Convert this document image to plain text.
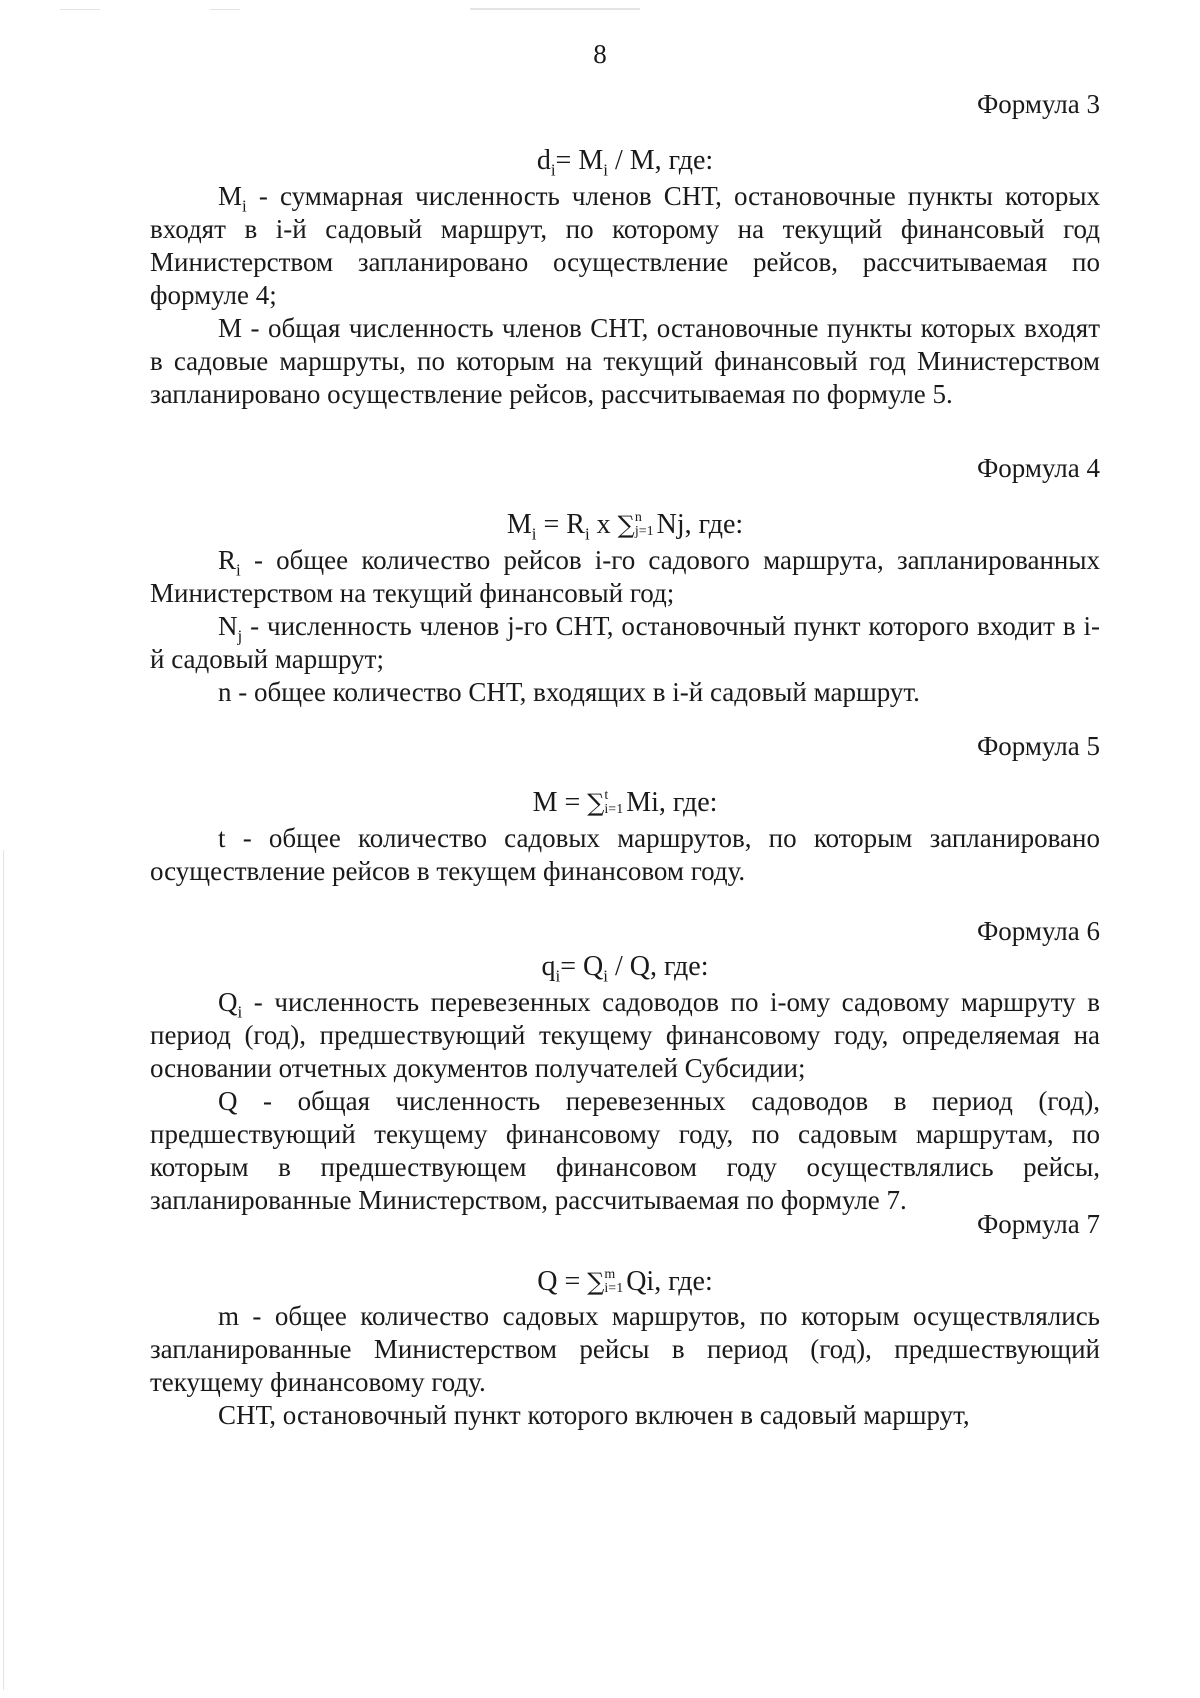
8
Формула 3
$d_i= M_i / M$, где:

$M_i$ - суммарная численность членов СНТ, остановочные пункты которых входят в i-й садовый маршрут, по которому на текущий финансовый год Министерством запланировано осуществление рейсов, рассчитываемая по формуле 4;

M - общая численность членов СНТ, остановочные пункты которых входят в садовые маршруты, по которым на текущий финансовый год Министерством запланировано осуществление рейсов, рассчитываемая по формуле 5.

Формула 4
$M_i = R_i$ x ∑ n
j=1 Nj, где:

$R_i$ - общее количество рейсов i-го садового маршрута, запланированных Министерством на текущий финансовый год;

$N_j$ - численность членов j-го СНТ, остановочный пункт которого входит в i-й садовый маршрут;

n - общее количество СНТ, входящих в i-й садовый маршрут.

Формула 5
M = ∑ t
i=1 Mi, где:

t - общее количество садовых маршрутов, по которым запланировано осуществление рейсов в текущем финансовом году.

Формула 6
$q_i= Q_i / Q$, где:

$Q_i$ - численность перевезенных садоводов по i-ому садовому маршруту в период (год), предшествующий текущему финансовому году, определяемая на основании отчетных документов получателей Субсидии;

Q - общая численность перевезенных садоводов в период (год), предшествующий текущему финансовому году, по садовым маршрутам, по которым в предшествующем финансовом году осуществлялись рейсы, запланированные Министерством, рассчитываемая по формуле 7.

Формула 7
Q = ∑ m
i=1 Qi, где:

m - общее количество садовых маршрутов, по которым осуществлялись запланированные Министерством рейсы в период (год), предшествующий текущему финансовому году.

СНТ, остановочный пункт которого включен в садовый маршрут,
